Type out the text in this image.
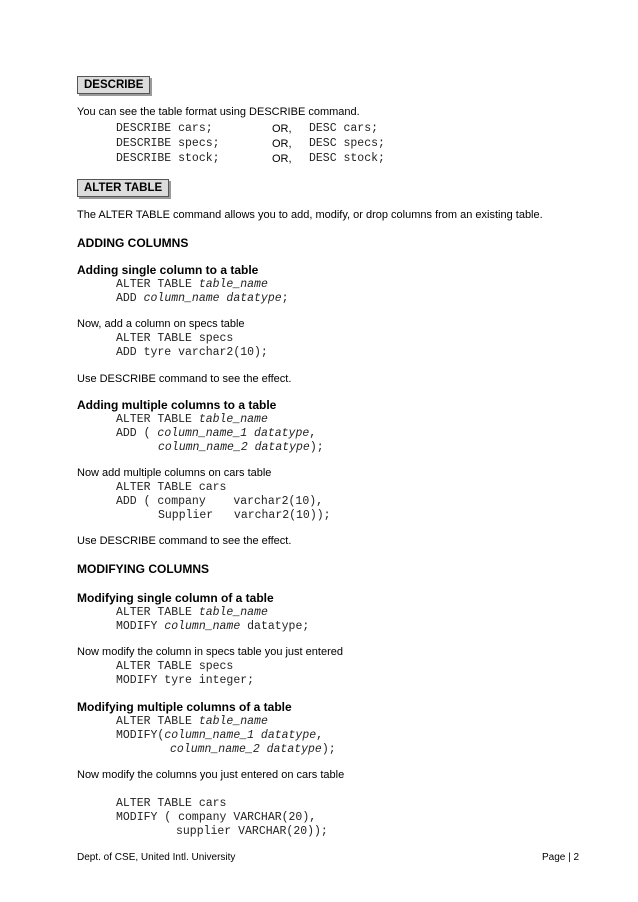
DESCRIBE
You can see the table format using DESCRIBE command.
DESCRIBE cars;	OR, DESC cars;
DESCRIBE specs;	OR, DESC specs;
DESCRIBE stock;	OR, DESC stock;
ALTER TABLE
The ALTER TABLE command allows you to add, modify, or drop columns from an existing table.
ADDING COLUMNS
Adding single column to a table
ALTER TABLE table_name
ADD column_name datatype;
Now, add a column on specs table
ALTER TABLE specs
ADD tyre varchar2(10);
Use DESCRIBE command to see the effect.
Adding multiple columns to a table
ALTER TABLE table_name
ADD ( column_name_1 datatype,
column_name_2 datatype);
Now add multiple columns on cars table
ALTER TABLE cars
ADD ( company    varchar2(10),
Supplier   varchar2(10));
Use DESCRIBE command to see the effect.
MODIFYING COLUMNS
Modifying single column of a table
ALTER TABLE table_name
MODIFY column_name datatype;
Now modify the column in specs table you just entered
ALTER TABLE specs
MODIFY tyre integer;
Modifying multiple columns of a table
ALTER TABLE table_name
MODIFY(column_name_1 datatype,
column_name_2 datatype);
Now modify the columns you just entered on cars table
ALTER TABLE cars
MODIFY ( company VARCHAR(20),
supplier VARCHAR(20));
Dept. of CSE, United Intl. University	Page | 2
